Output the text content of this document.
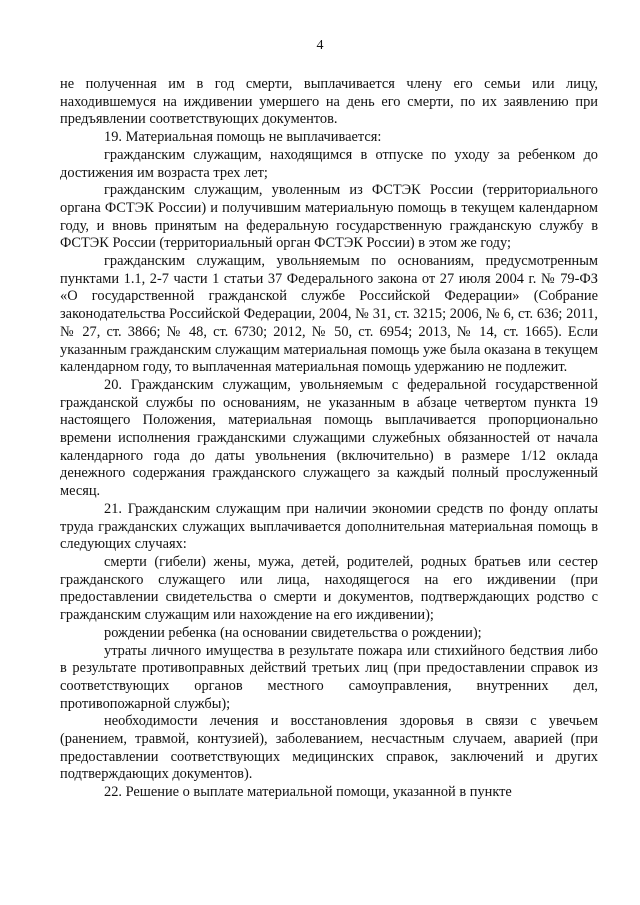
4

не полученная им в год смерти, выплачивается члену его семьи или лицу, находившемуся на иждивении умершего на день его смерти, по их заявлению при предъявлении соответствующих документов.

19. Материальная помощь не выплачивается:

гражданским служащим, находящимся в отпуске по уходу за ребенком до достижения им возраста трех лет;

гражданским служащим, уволенным из ФСТЭК России (территориального органа ФСТЭК России) и получившим материальную помощь в текущем календарном году, и вновь принятым на федеральную государственную гражданскую службу в ФСТЭК России (территориальный орган ФСТЭК России) в этом же году;

гражданским служащим, увольняемым по основаниям, предусмотренным пунктами 1.1, 2-7 части 1 статьи 37 Федерального закона от 27 июля 2004 г. № 79-ФЗ «О государственной гражданской службе Российской Федерации» (Собрание законодательства Российской Федерации, 2004, № 31, ст. 3215; 2006, № 6, ст. 636; 2011, № 27, ст. 3866; № 48, ст. 6730; 2012, № 50, ст. 6954; 2013, № 14, ст. 1665). Если указанным гражданским служащим материальная помощь уже была оказана в текущем календарном году, то выплаченная материальная помощь удержанию не подлежит.

20. Гражданским служащим, увольняемым с федеральной государственной гражданской службы по основаниям, не указанным в абзаце четвертом пункта 19 настоящего Положения, материальная помощь выплачивается пропорционально времени исполнения гражданскими служащими служебных обязанностей от начала календарного года до даты увольнения (включительно) в размере 1/12 оклада денежного содержания гражданского служащего за каждый полный прослуженный месяц.

21. Гражданским служащим при наличии экономии средств по фонду оплаты труда гражданских служащих выплачивается дополнительная материальная помощь в следующих случаях:

смерти (гибели) жены, мужа, детей, родителей, родных братьев или сестер гражданского служащего или лица, находящегося на его иждивении (при предоставлении свидетельства о смерти и документов, подтверждающих родство с гражданским служащим или нахождение на его иждивении);

рождении ребенка (на основании свидетельства о рождении);

утраты личного имущества в результате пожара или стихийного бедствия либо в результате противоправных действий третьих лиц (при предоставлении справок из соответствующих органов местного самоуправления, внутренних дел, противопожарной службы);

необходимости лечения и восстановления здоровья в связи с увечьем (ранением, травмой, контузией), заболеванием, несчастным случаем, аварией (при предоставлении соответствующих медицинских справок, заключений и других подтверждающих документов).

22. Решение о выплате материальной помощи, указанной в пункте
